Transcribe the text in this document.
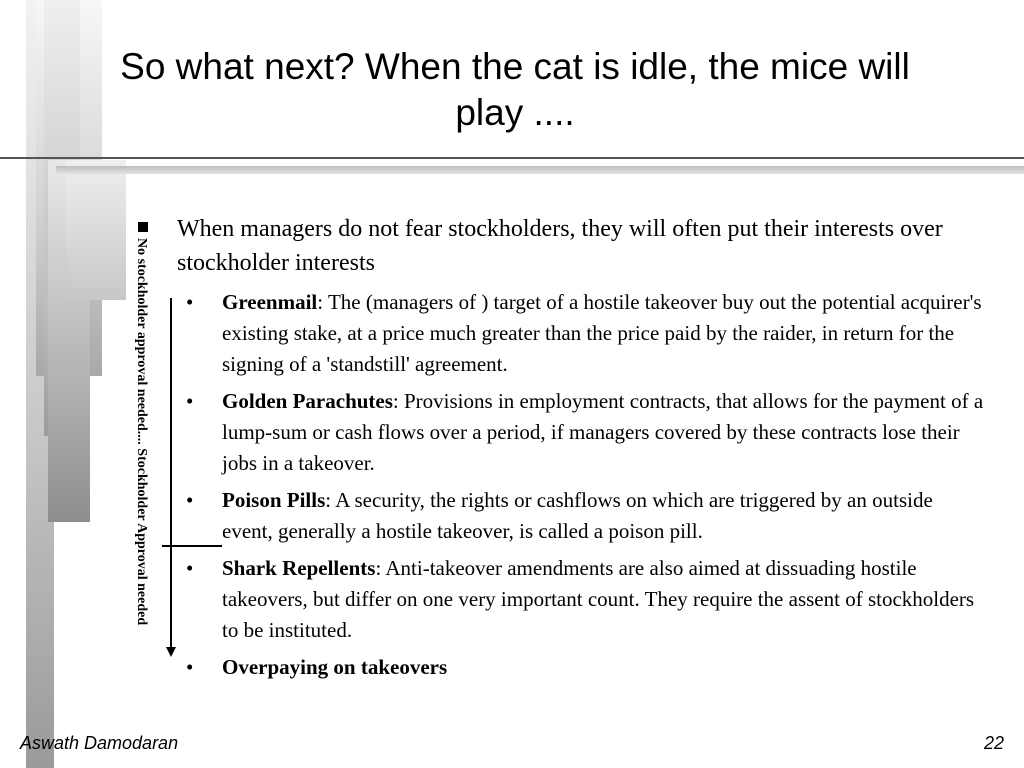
So what next? When the cat is idle, the mice will play ....
No stockholder approval needed.... Stockholder Approval needed
When managers do not fear stockholders, they will often put their interests over stockholder interests
• Greenmail: The (managers of ) target of a hostile takeover buy out the potential acquirer's existing stake, at a price much greater than the price paid by the raider, in return for the signing of a 'standstill' agreement.
• Golden Parachutes: Provisions in employment contracts, that allows for the payment of a lump-sum or cash flows over a period, if managers covered by these contracts lose their jobs in a takeover.
• Poison Pills: A security, the rights or cashflows on which are triggered by an outside event, generally a hostile takeover, is called a poison pill.
• Shark Repellents: Anti-takeover amendments are also aimed at dissuading hostile takeovers, but differ on one very important count. They require the assent of stockholders to be instituted.
• Overpaying on takeovers
Aswath Damodaran	22
